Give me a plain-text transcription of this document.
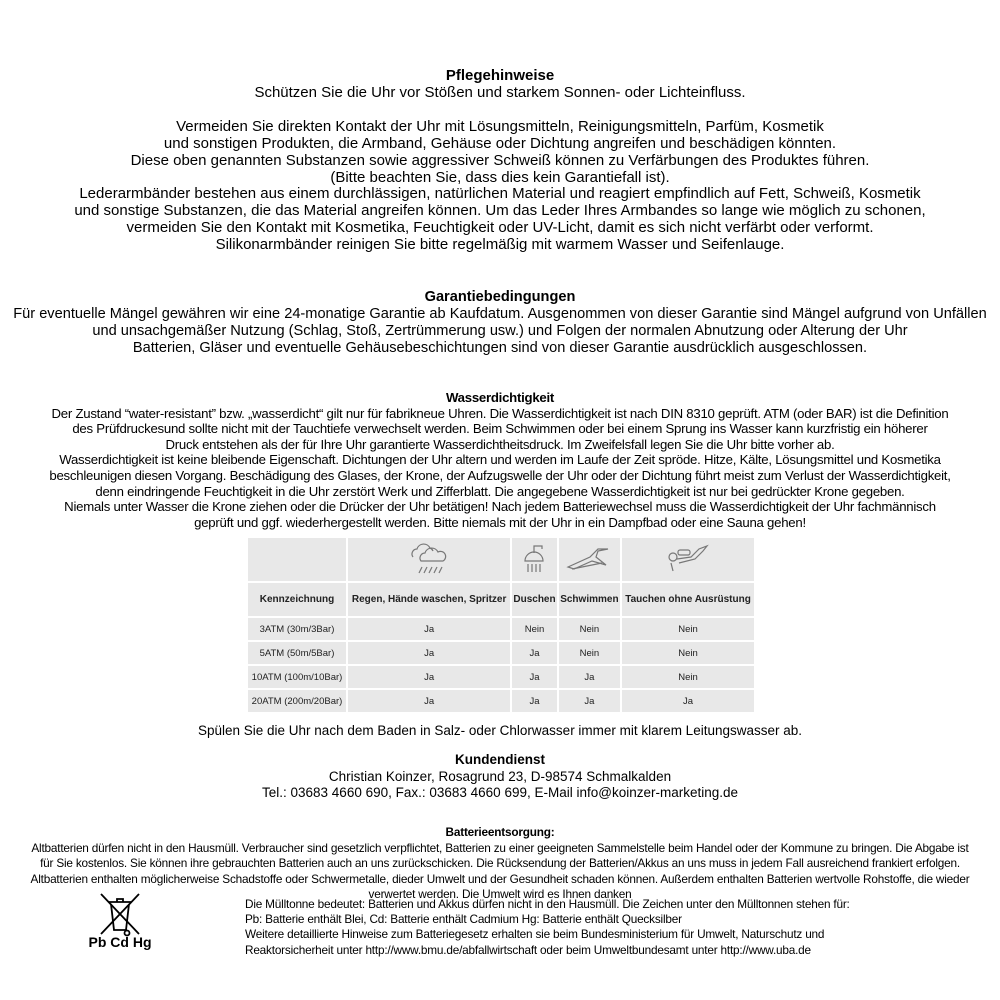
Pflegehinweise
Schützen Sie die Uhr vor Stößen und starkem Sonnen- oder Lichteinfluss.
Vermeiden Sie direkten Kontakt der Uhr mit Lösungsmitteln, Reinigungsmitteln, Parfüm, Kosmetik
und sonstigen Produkten, die Armband, Gehäuse oder Dichtung angreifen und beschädigen könnten.
Diese oben genannten Substanzen sowie aggressiver Schweiß können zu Verfärbungen des Produktes führen.
(Bitte beachten Sie, dass dies kein Garantiefall ist).
Lederarmbänder bestehen aus einem durchlässigen, natürlichen Material und reagiert empfindlich auf Fett, Schweiß, Kosmetik
und sonstige Substanzen, die das Material angreifen können. Um das Leder Ihres Armbandes so lange wie möglich zu schonen,
vermeiden Sie den Kontakt mit Kosmetika, Feuchtigkeit oder UV-Licht, damit es sich nicht verfärbt oder verformt.
Silikonarmbänder reinigen Sie bitte regelmäßig mit warmem Wasser und Seifenlauge.
Garantiebedingungen
Für eventuelle Mängel gewähren wir eine 24-monatige Garantie ab Kaufdatum. Ausgenommen von dieser Garantie sind Mängel aufgrund von Unfällen
und unsachgemäßer Nutzung (Schlag, Stoß, Zertrümmerung usw.) und Folgen der normalen Abnutzung oder Alterung der Uhr
Batterien, Gläser und eventuelle Gehäusebeschichtungen sind von dieser Garantie ausdrücklich ausgeschlossen.
Wasserdichtigkeit
Der Zustand “water-resistant” bzw. „wasserdicht“ gilt nur für fabrikneue Uhren. Die Wasserdichtigkeit ist nach DIN 8310 geprüft. ATM (oder BAR) ist die Definition
des Prüfdruckesund sollte nicht mit der Tauchtiefe verwechselt werden. Beim Schwimmen oder bei einem Sprung ins Wasser kann kurzfristig ein höherer
Druck entstehen als der für Ihre Uhr garantierte Wasserdichtheitsdruck. Im Zweifelsfall legen Sie die Uhr bitte vorher ab.
Wasserdichtigkeit ist keine bleibende Eigenschaft. Dichtungen der Uhr altern und werden im Laufe der Zeit spröde. Hitze, Kälte, Lösungsmittel und Kosmetika
beschleunigen diesen Vorgang. Beschädigung des Glases, der Krone, der Aufzugswelle der Uhr oder der Dichtung führt meist zum Verlust der Wasserdichtigkeit,
denn eindringende Feuchtigkeit in die Uhr zerstört Werk und Zifferblatt. Die angegebene Wasserdichtigkeit ist nur bei gedrückter Krone gegeben.
Niemals unter Wasser die Krone ziehen oder die Drücker der Uhr betätigen! Nach jedem Batteriewechsel muss die Wasserdichtigkeit der Uhr fachmännisch
geprüft und ggf. wiederhergestellt werden. Bitte niemals mit der Uhr in ein Dampfbad oder eine Sauna gehen!

Kennzeichnung	Regen, Hände waschen, Spritzer	Duschen	Schwimmen	Tauchen ohne Ausrüstung
3ATM (30m/3Bar)	Ja	Nein	Nein	Nein
5ATM (50m/5Bar)	Ja	Ja	Nein	Nein
10ATM (100m/10Bar)	Ja	Ja	Ja	Nein
20ATM (200m/20Bar)	Ja	Ja	Ja	Ja
Spülen Sie die Uhr nach dem Baden in Salz- oder Chlorwasser immer mit klarem Leitungswasser ab.
Kundendienst
Christian Koinzer, Rosagrund 23, D-98574 Schmalkalden
Tel.: 03683 4660 690, Fax.: 03683 4660 699, E-Mail info@koinzer-marketing.de
Batterieentsorgung:
Altbatterien dürfen nicht in den Hausmüll. Verbraucher sind gesetzlich verpflichtet, Batterien zu einer geeigneten Sammelstelle beim Handel oder der Kommune zu bringen. Die Abgabe ist
für Sie kostenlos. Sie können ihre gebrauchten Batterien auch an uns zurückschicken. Die Rücksendung der Batterien/Akkus an uns muss in jedem Fall ausreichend frankiert erfolgen.
Altbatterien enthalten möglicherweise Schadstoffe oder Schwermetalle, dieder Umwelt und der Gesundheit schaden können. Außerdem enthalten Batterien wertvolle Rohstoffe, die wieder
verwertet werden. Die Umwelt wird es Ihnen danken
Pb Cd Hg
Die Mülltonne bedeutet: Batterien und Akkus dürfen nicht in den Hausmüll. Die Zeichen unter den Mülltonnen stehen für:
Pb: Batterie enthält Blei, Cd: Batterie enthält Cadmium Hg: Batterie enthält Quecksilber
Weitere detaillierte Hinweise zum Batteriegesetz erhalten sie beim Bundesministerium für Umwelt, Naturschutz und
Reaktorsicherheit unter http://www.bmu.de/abfallwirtschaft oder beim Umweltbundesamt unter http://www.uba.de
